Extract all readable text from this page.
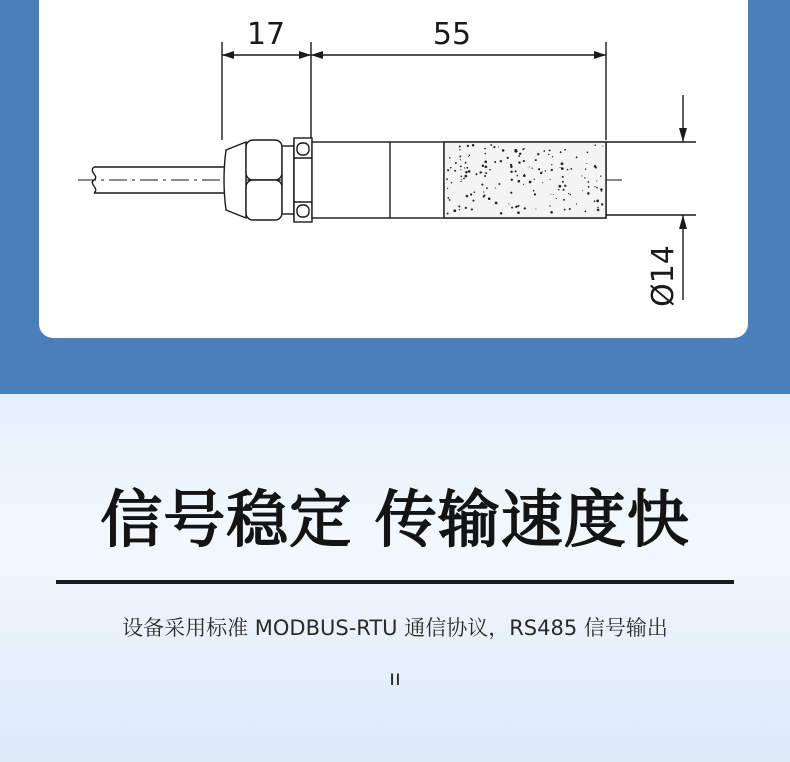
17	55
Ø14
信号稳定 传输速度快
设备采用标准 MODBUS-RTU 通信协议，RS485 信号输出
ıı
